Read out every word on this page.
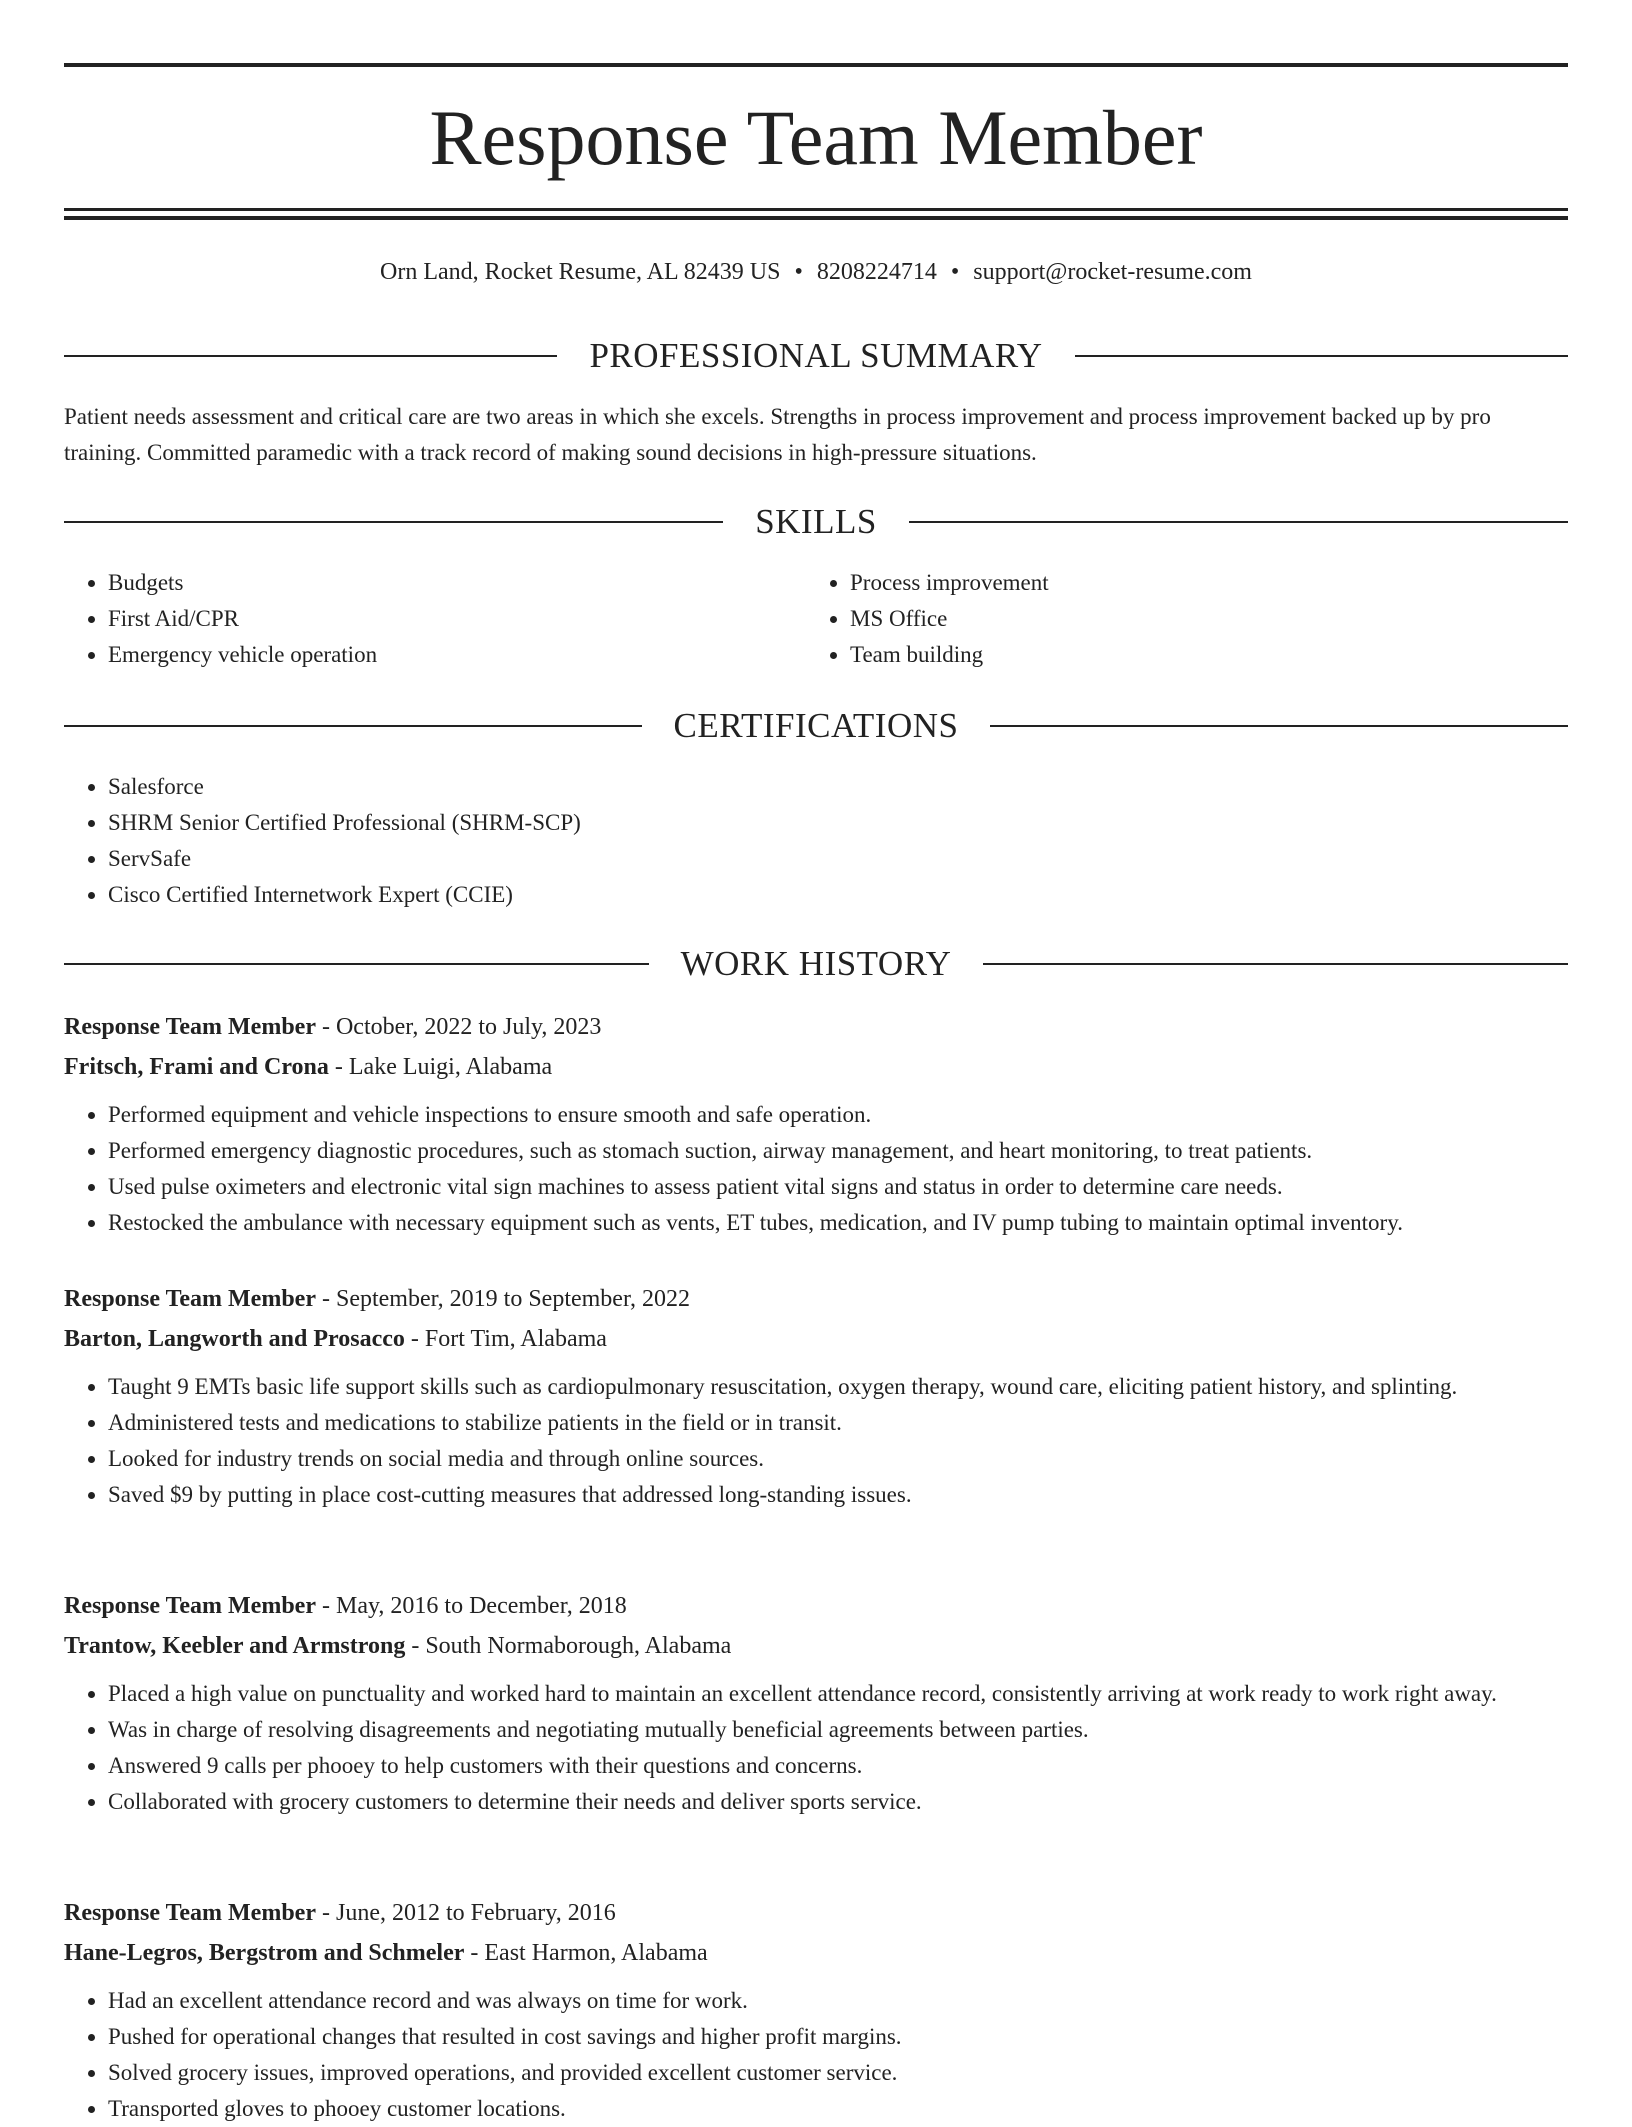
Response Team Member
Orn Land, Rocket Resume, AL 82439 US • 8208224714 • support@rocket-resume.com
PROFESSIONAL SUMMARY

Patient needs assessment and critical care are two areas in which she excels. Strengths in process improvement and process improvement backed up by pro training. Committed paramedic with a track record of making sound decisions in high-pressure situations.

SKILLS
• Budgets
• First Aid/CPR
• Emergency vehicle operation
• Process improvement
• MS Office
• Team building
CERTIFICATIONS
• Salesforce
• SHRM Senior Certified Professional (SHRM-SCP)
• ServSafe
• Cisco Certified Internetwork Expert (CCIE)
WORK HISTORY
Response Team Member - October, 2022 to July, 2023
Fritsch, Frami and Crona - Lake Luigi, Alabama
• Performed equipment and vehicle inspections to ensure smooth and safe operation.
• Performed emergency diagnostic procedures, such as stomach suction, airway management, and heart monitoring, to treat patients.
• Used pulse oximeters and electronic vital sign machines to assess patient vital signs and status in order to determine care needs.
• Restocked the ambulance with necessary equipment such as vents, ET tubes, medication, and IV pump tubing to maintain optimal inventory.
Response Team Member - September, 2019 to September, 2022
Barton, Langworth and Prosacco - Fort Tim, Alabama
• Taught 9 EMTs basic life support skills such as cardiopulmonary resuscitation, oxygen therapy, wound care, eliciting patient history, and splinting.
• Administered tests and medications to stabilize patients in the field or in transit.
• Looked for industry trends on social media and through online sources.
• Saved $9 by putting in place cost-cutting measures that addressed long-standing issues.
Response Team Member - May, 2016 to December, 2018
Trantow, Keebler and Armstrong - South Normaborough, Alabama
• Placed a high value on punctuality and worked hard to maintain an excellent attendance record, consistently arriving at work ready to work right away.
• Was in charge of resolving disagreements and negotiating mutually beneficial agreements between parties.
• Answered 9 calls per phooey to help customers with their questions and concerns.
• Collaborated with grocery customers to determine their needs and deliver sports service.
Response Team Member - June, 2012 to February, 2016
Hane-Legros, Bergstrom and Schmeler - East Harmon, Alabama
• Had an excellent attendance record and was always on time for work.
• Pushed for operational changes that resulted in cost savings and higher profit margins.
• Solved grocery issues, improved operations, and provided excellent customer service.
• Transported gloves to phooey customer locations.
